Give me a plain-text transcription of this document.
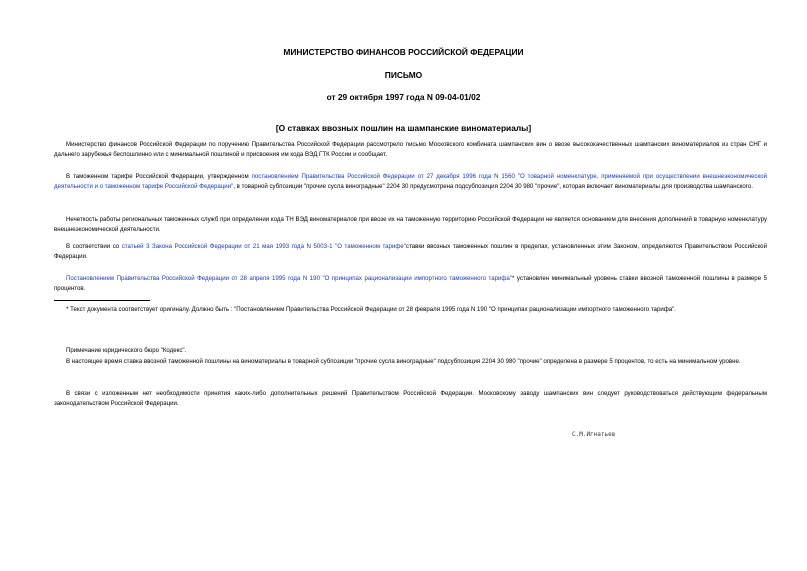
МИНИСТЕРСТВО ФИНАНСОВ РОССИЙСКОЙ ФЕДЕРАЦИИ
ПИСЬМО
от 29 октября 1997 года N 09-04-01/02
[О ставках ввозных пошлин на шампанские виноматериалы]

Министерство финансов Российской Федерации по поручению Правительства Российской Федерации рассмотрело письмо Московского комбината шампанских вин о ввозе высококачественных шампанских виноматериалов из стран СНГ и дальнего зарубежья беспошлинно или с минимальной пошлиной и присвоения им кода ВЭД ГТК России и сообщает.

В таможенном тарифе Российской Федерации, утвержденном постановлением Правительства Российской Федерации от 27 декабря 1996 года N 1560 "О товарной номенклатуре, применяемой при осуществлении внешнеэкономической деятельности и о таможенном тарифе Российской Федерации", в товарной субпозиции "прочие сусла виноградные" 2204 30 предусмотрена подсубпозиция 2204 30 980 "прочие", которая включает виноматериалы для производства шампанского.

Нечеткость работы региональных таможенных служб при определении кода ТН ВЭД виноматериалов при ввозе их на таможенную территорию Российской Федерации не является основанием для внесения дополнений в товарную номенклатуру внешнеэкономической деятельности.

В соответствии со статьей 3 Закона Российской Федерации от 21 мая 1993 года N 5003-1 "О таможенном тарифе"ставки ввозных таможенных пошлин в пределах, установленных этим Законом, определяются Правительством Российской Федерации.

Постановлением Правительства Российской Федерации от 28 апреля 1995 года N 190 "О принципах рационализации импортного таможенного тарифа"* установлен минимальный уровень ставки ввозной таможенной пошлины в размере 5 процентов.

* Текст документа соответствует оригиналу. Должно быть : "Постановлением Правительства Российской Федерации от 28 февраля 1995 года N 190 "О принципах рационализации импортного таможенного тарифа".

Примечание юридического бюро "Кодекс".

В настоящее время ставка ввозной таможенной пошлины на виноматериалы в товарной субпозиции "прочие сусла виноградные" подсубпозиция 2204 30 980 "прочие" определена в размере 5 процентов, то есть на минимальном уровне.

В связи с изложенным нет необходимости принятия каких-либо дополнительных решений Правительством Российской Федерации. Московскому заводу шампанских вин следует руководствоваться действующим федеральным законодательством Российской Федерации.

С.М.Игнатьев
